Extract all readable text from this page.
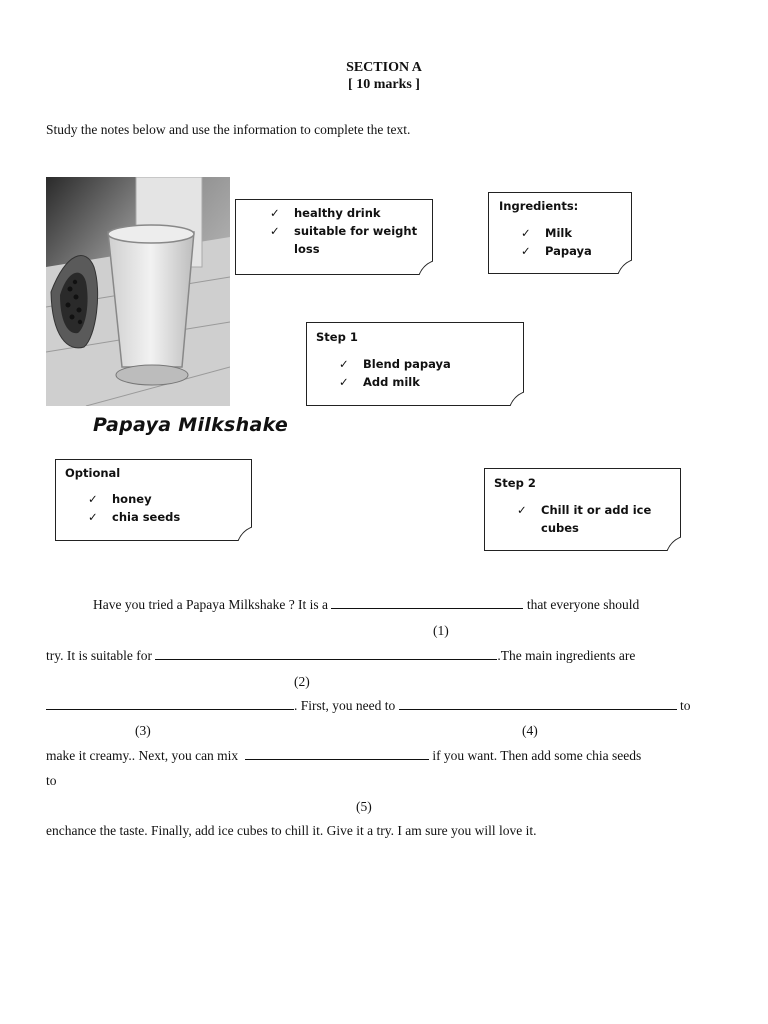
SECTION A
[ 10 marks ]
Study the notes below and use the information to complete the text.
Papaya Milkshake
✓ healthy drink
✓ suitable for weight
loss
Ingredients:
✓ Milk
✓ Papaya
Step 1
✓ Blend papaya
✓ Add milk
Optional
✓ honey
✓ chia seeds
Step 2
✓ Chill it or add ice
cubes
Have you tried a Papaya Milkshake ? It is a	that everyone should
(1)
try. It is suitable for	.The main ingredients are
(2)
. First, you need to	to
(3)	(4)
make it creamy.. Next, you can mix	if you want. Then add some chia seeds
to
(5)
enchance the taste. Finally, add ice cubes to chill it. Give it a try. I am sure you will love it.
